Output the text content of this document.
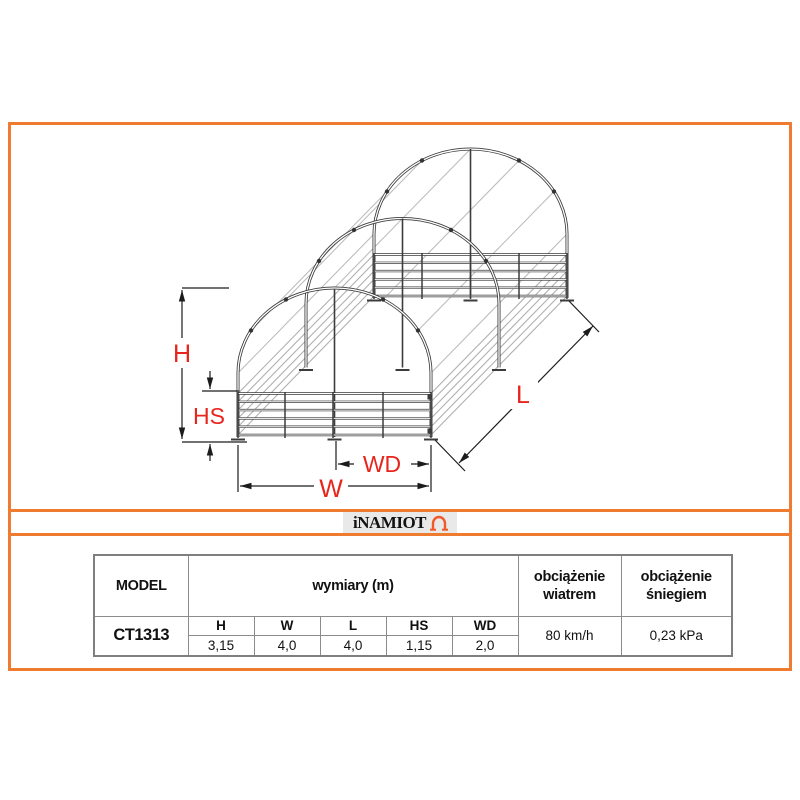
H
HS
W
WD
L
iNAMIOT
MODEL	wymiary (m)					obciążenie wiatrem	obciążenie śniegiem
CT1313	H	W	L	HS	WD	80 km/h	0,23 kPa
	3,15	4,0	4,0	1,15	2,0		
